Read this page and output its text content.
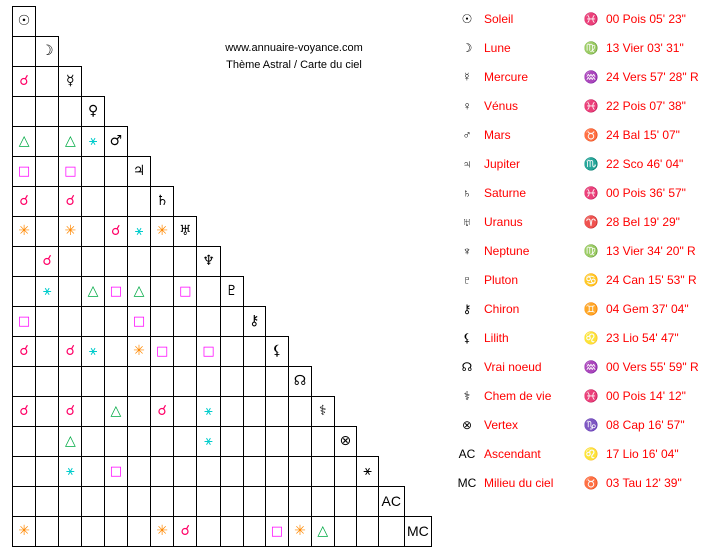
www.annuaire-voyance.com
Thème Astral / Carte du ciel
☉																	
	☽																
☌		☿															
			♀														
△		△	⚹	♂													
□		□			♃												
☌		☌				♄											
✳		✳		☌	⚹	✳	♅										
	☌							♆									
	⚹		△	□	△		□		♇								
□					□					⚷							
☌		☌	⚹		✳	□		□			⚸						
												☊					
☌		☌		△		☌		⚹					⚕				
		△						⚹						⊗			
		⚹		□											⚹		
																AC	
✳						✳	☌				□	✳	△				MC
☉	Soleil	♓	00 Pois 05' 23"
☽	Lune	♍	13 Vier 03' 31"
☿	Mercure	♒	24 Vers 57' 28" R
♀	Vénus	♓	22 Pois 07' 38"
♂	Mars	♉	24 Bal 15' 07"
♃	Jupiter	♏	22 Sco 46' 04"
♄	Saturne	♓	00 Pois 36' 57"
♅	Uranus	♈	28 Bel 19' 29"
♆	Neptune	♍	13 Vier 34' 20" R
♇	Pluton	♋	24 Can 15' 53" R
⚷	Chiron	♊	04 Gem 37' 04"
⚸	Lilith	♌	23 Lio 54' 47"
☊	Vrai noeud	♒	00 Vers 55' 59" R
⚕	Chem de vie	♓	00 Pois 14' 12"
⊗	Vertex	♑	08 Cap 16' 57"
AC	Ascendant	♌	17 Lio 16' 04"
MC	Milieu du ciel	♉	03 Tau 12' 39"
